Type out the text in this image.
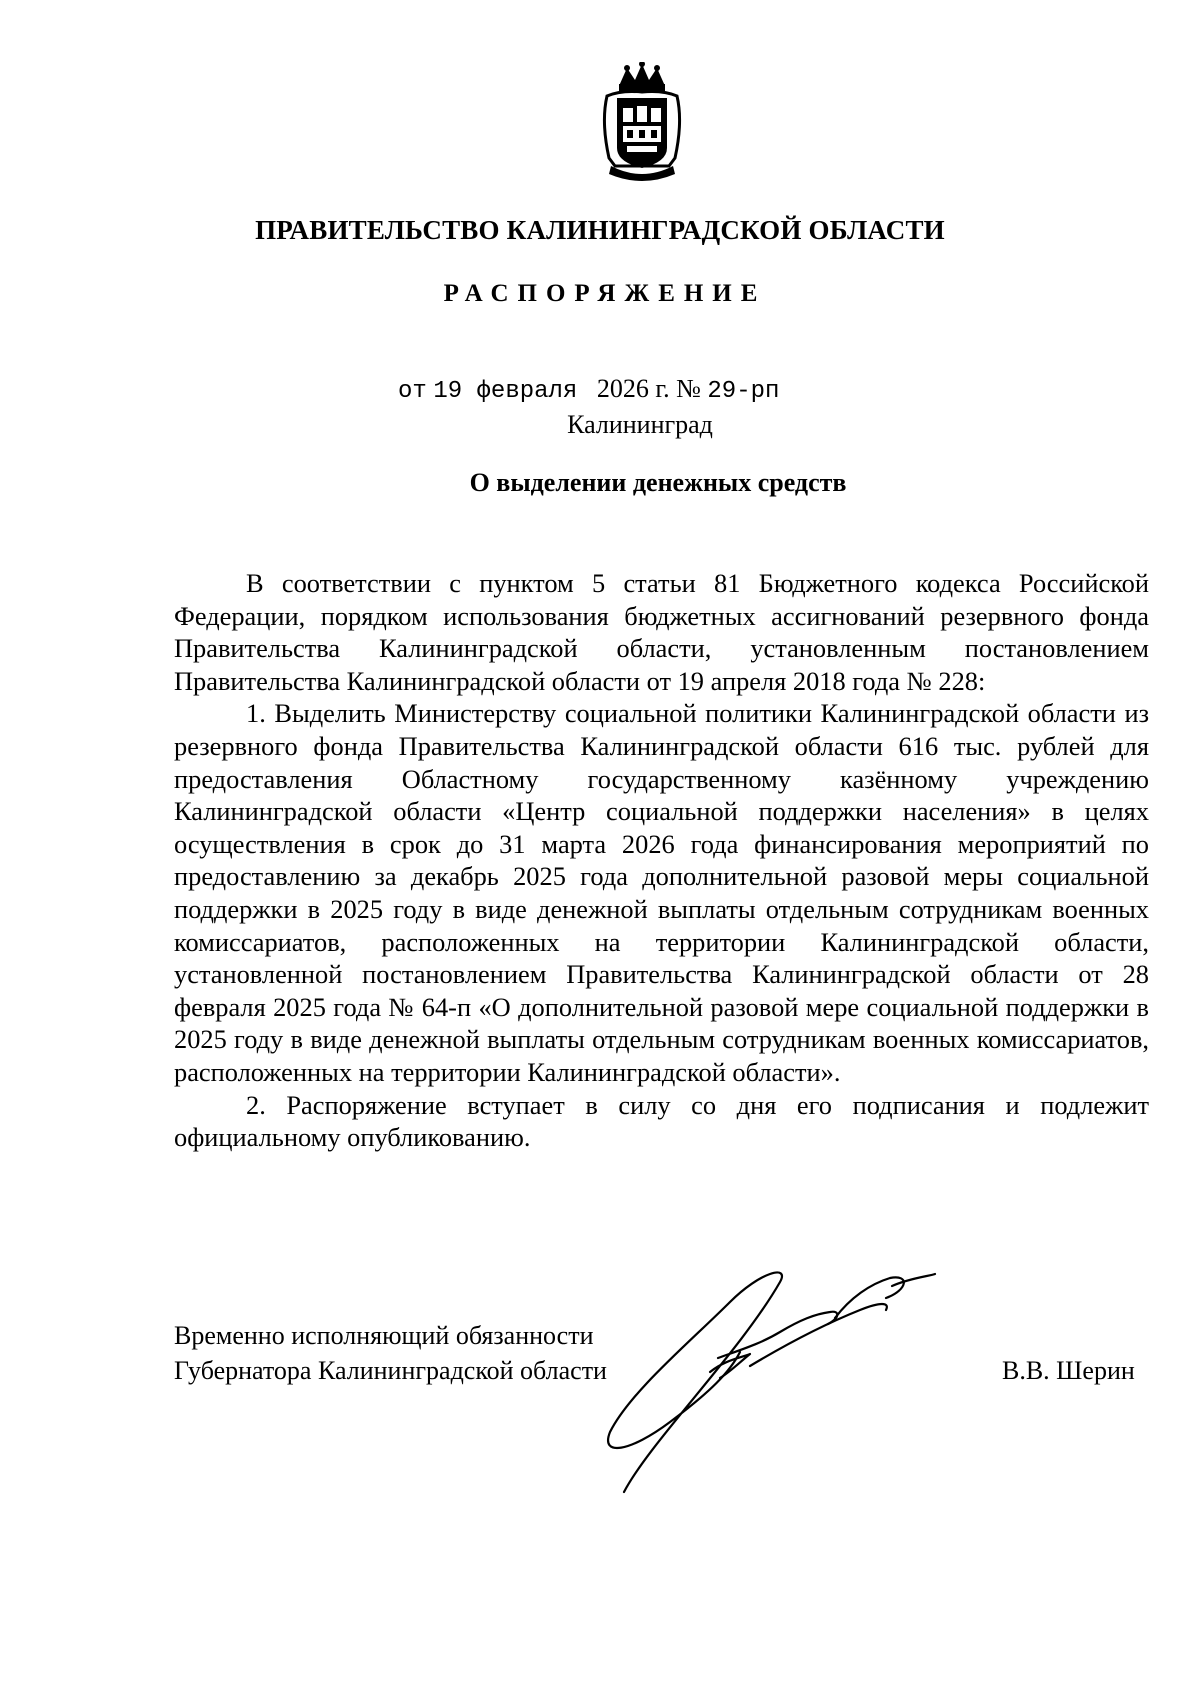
ПРАВИТЕЛЬСТВО КАЛИНИНГРАДСКОЙ ОБЛАСТИ
РАСПОРЯЖЕНИЕ
от 19 февраля 2026 г. № 29-рп
Калининград
О выделении денежных средств

В соответствии с пунктом 5 статьи 81 Бюджетного кодекса Российской Федерации, порядком использования бюджетных ассигнований резервного фонда Правительства Калининградской области, установленным постановлением Правительства Калининградской области от 19 апреля 2018 года № 228:

1. Выделить Министерству социальной политики Калининградской области из резервного фонда Правительства Калининградской области 616 тыс. рублей для предоставления Областному государственному казённому учреждению Калининградской области «Центр социальной поддержки населения» в целях осуществления в срок до 31 марта 2026 года финансирования мероприятий по предоставлению за декабрь 2025 года дополнительной разовой меры социальной поддержки в 2025 году в виде денежной выплаты отдельным сотрудникам военных комиссариатов, расположенных на территории Калининградской области, установленной постановлением Правительства Калининградской области от 28 февраля 2025 года № 64-п «О дополнительной разовой мере социальной поддержки в 2025 году в виде денежной выплаты отдельным сотрудникам военных комиссариатов, расположенных на территории Калининградской области».

2. Распоряжение вступает в силу со дня его подписания и подлежит официальному опубликованию.

Временно исполняющий обязанности
Губернатора Калининградской области	В.В. Шерин
